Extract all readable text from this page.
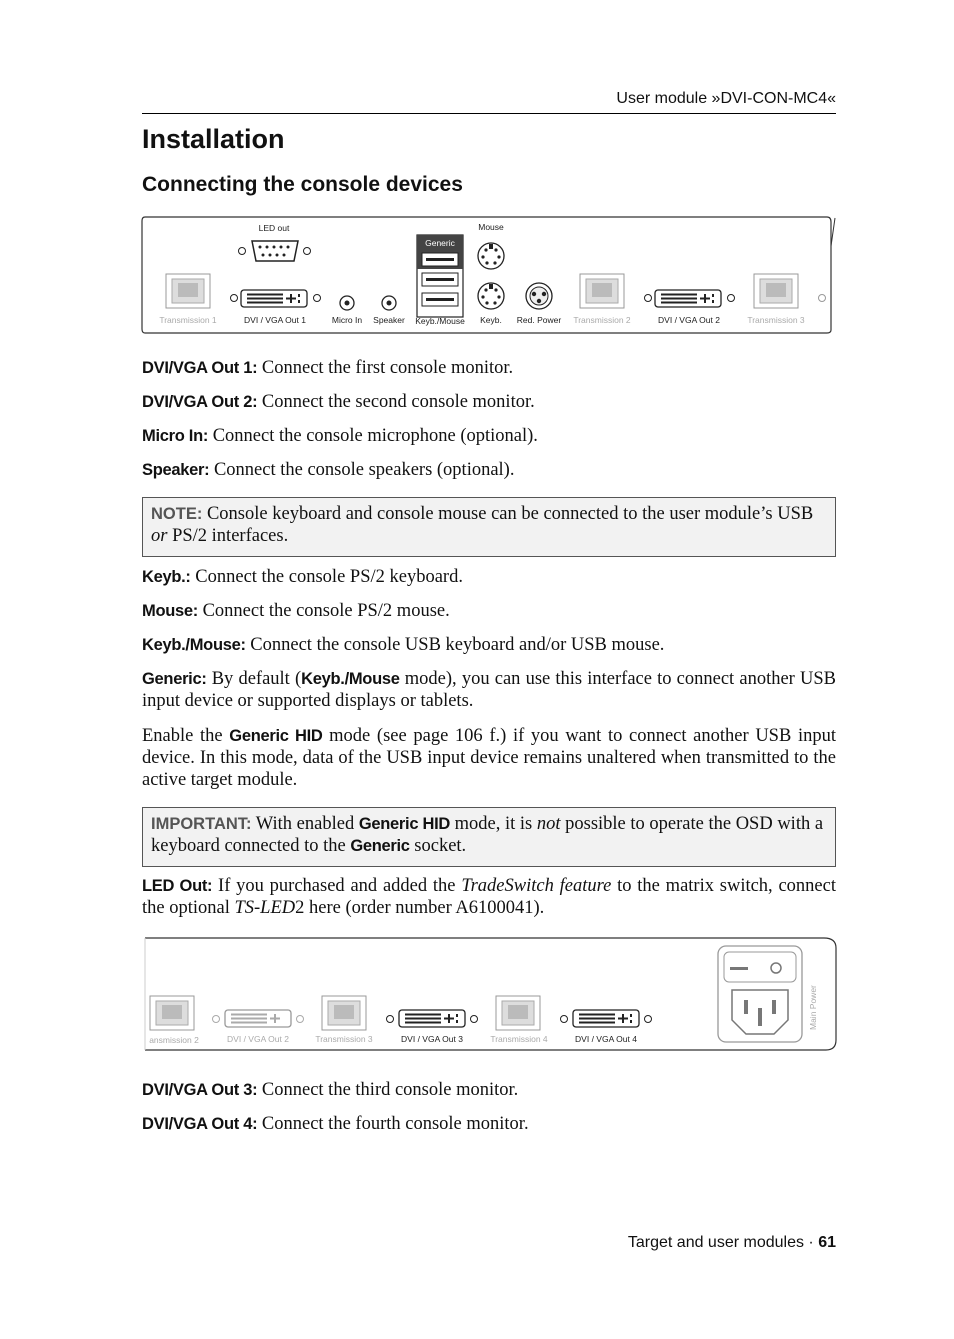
User module »DVI-CON-MC4«
Installation
Connecting the console devices
Transmission 1
LED out
DVI / VGA Out 1	Micro In Speaker
Generic
Keyb./Mouse
Mouse
Keyb. Red. Power Transmission 2	DVI / VGA Out 2	Transmission 3

DVI/VGA Out 1: Connect the first console monitor.

DVI/VGA Out 2: Connect the second console monitor.

Micro In: Connect the console microphone (optional).

Speaker: Connect the console speakers (optional).

NOTE: Console keyboard and console mouse can be connected to the user module’s USB or PS/2 interfaces.

Keyb.: Connect the console PS/2 keyboard.

Mouse: Connect the console PS/2 mouse.

Keyb./Mouse: Connect the console USB keyboard and/or USB mouse.

Generic: By default (Keyb./Mouse mode), you can use this interface to connect another USB input device or supported displays or tablets.

Enable the Generic HID mode (see page 106 f.) if you want to connect another USB input device. In this mode, data of the USB input device remains unaltered when transmitted to the active target module.

IMPORTANT: With enabled Generic HID mode, it is not possible to operate the OSD with a keyboard connected to the Generic socket.

LED Out: If you purchased and added the TradeSwitch feature to the matrix switch, connect the optional TS-LED2 here (order number A6100041).

ansmission 2	DVI / VGA Out 2	Transmission 3	DVI / VGA Out 3	Transmission 4	DVI / VGA Out 4
Main Power

DVI/VGA Out 3: Connect the third console monitor.

DVI/VGA Out 4: Connect the fourth console monitor.

Target and user modules · 61
